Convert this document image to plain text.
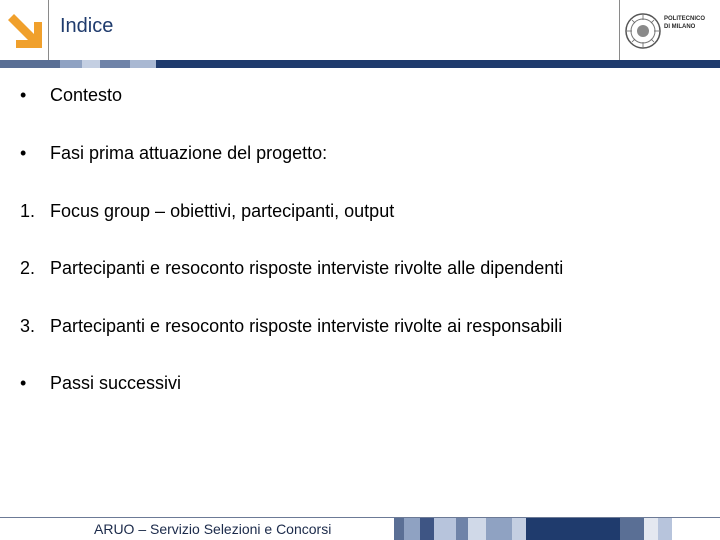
Indice	POLITECNICO
DI MILANO
• Contesto
• Fasi prima attuazione del progetto:
1. Focus group – obiettivi, partecipanti, output
2. Partecipanti e resoconto risposte interviste rivolte alle dipendenti
3. Partecipanti e resoconto risposte interviste rivolte ai responsabili
• Passi successivi
ARUO – Servizio Selezioni e Concorsi
